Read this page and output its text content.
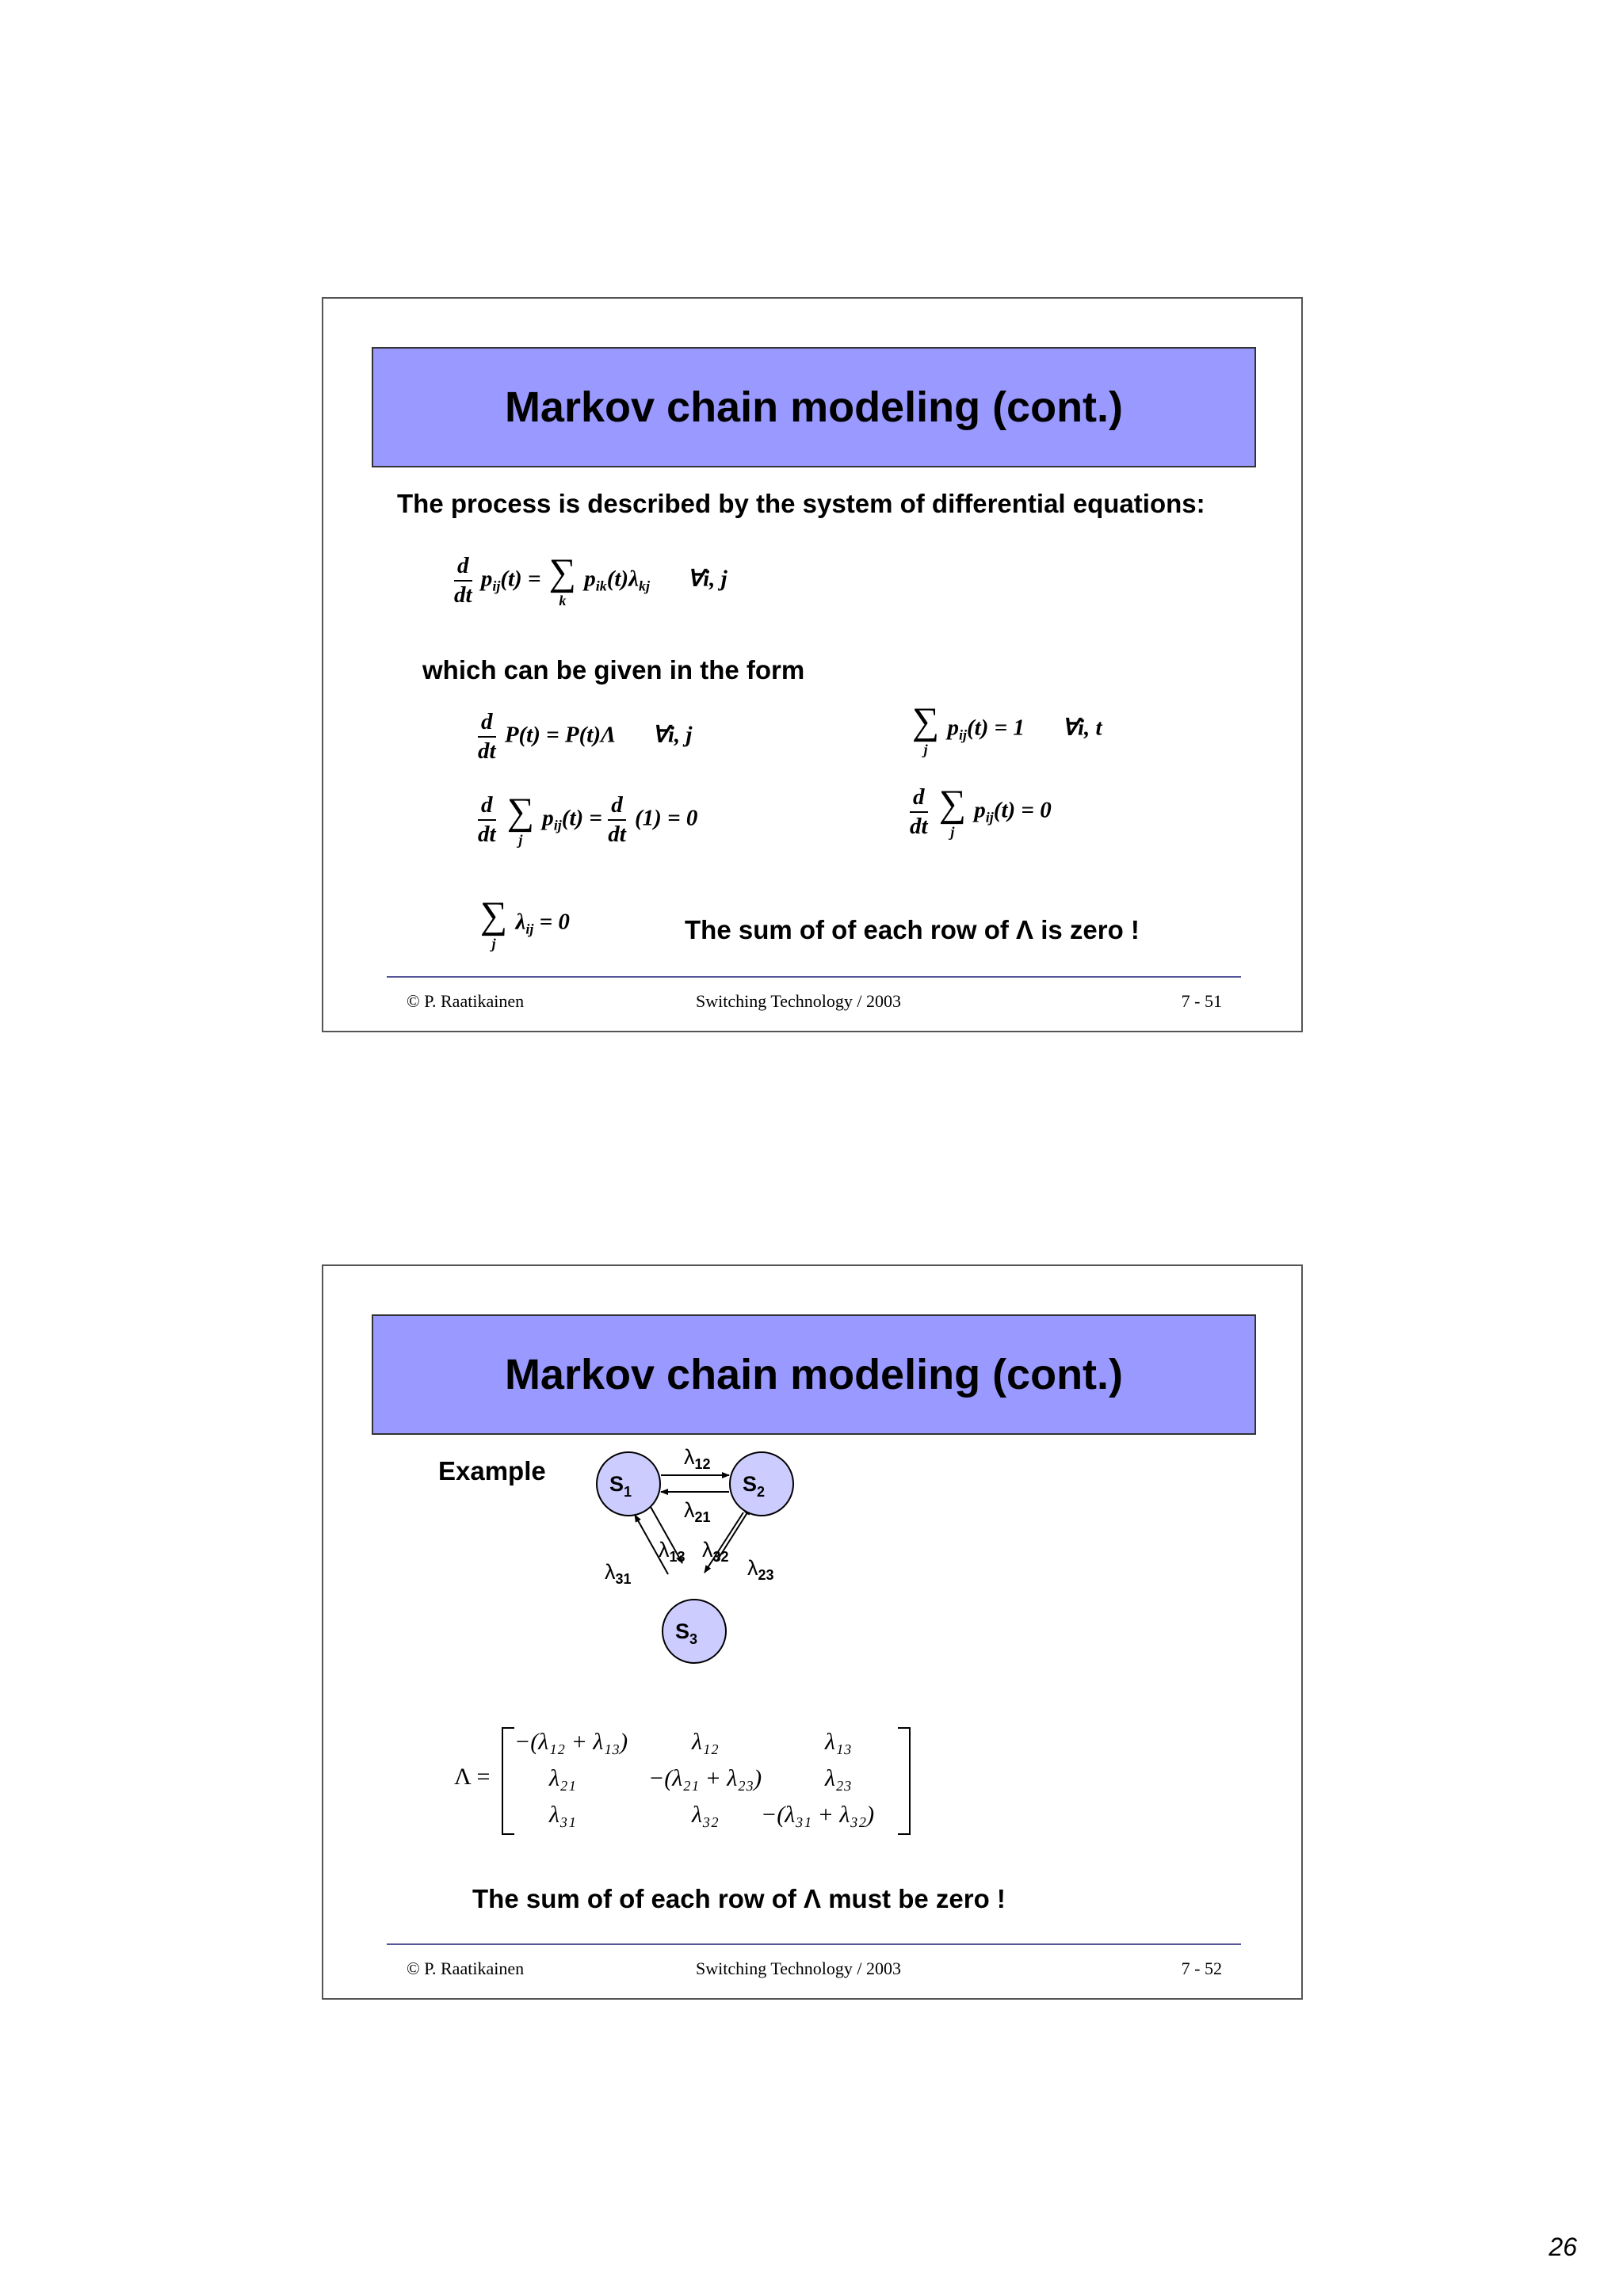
Markov chain modeling (cont.)
The process is described by the system of differential equations:
$\frac{d}{dt} p_{ij}(t)$ = ∑
k
$p_{ik}(t)\lambda_{kj}$ ∀i, j
which can be given in the form
$\frac{d}{dt} P(t) = P(t)\Lambda$ ∀i, j	∑
j
$p_{ij}(t) = 1$ ∀i, t
$\frac{d}{dt}$
∑
j
$p_{ij}(t) = \frac{d}{dt} (1) = 0$	$\frac{d}{dt}$
∑
j
$p_{ij}(t) = 0$
∑
j
$\lambda_{ij} = 0$	The sum of of each row of Λ is zero !
© P. Raatikainen	Switching Technology / 2003	7 - 51
Markov chain modeling (cont.)
Example	$S_1$	$S_2$
$S_3$
$\lambda_{12}$
$\lambda_{21}$
$\lambda_{13}$ $\lambda_{32}$
$\lambda_{31}$	$\lambda_{23}$
Λ =
−(λ₁₂ + λ₁₃)	λ₁₂	λ₁₃
λ₂₁	−(λ₂₁ + λ₂₃)	λ₂₃
λ₃₁	λ₃₂ −(λ₃₁ + λ₃₂)
The sum of of each row of Λ must be zero !
© P. Raatikainen	Switching Technology / 2003	7 - 52
26
